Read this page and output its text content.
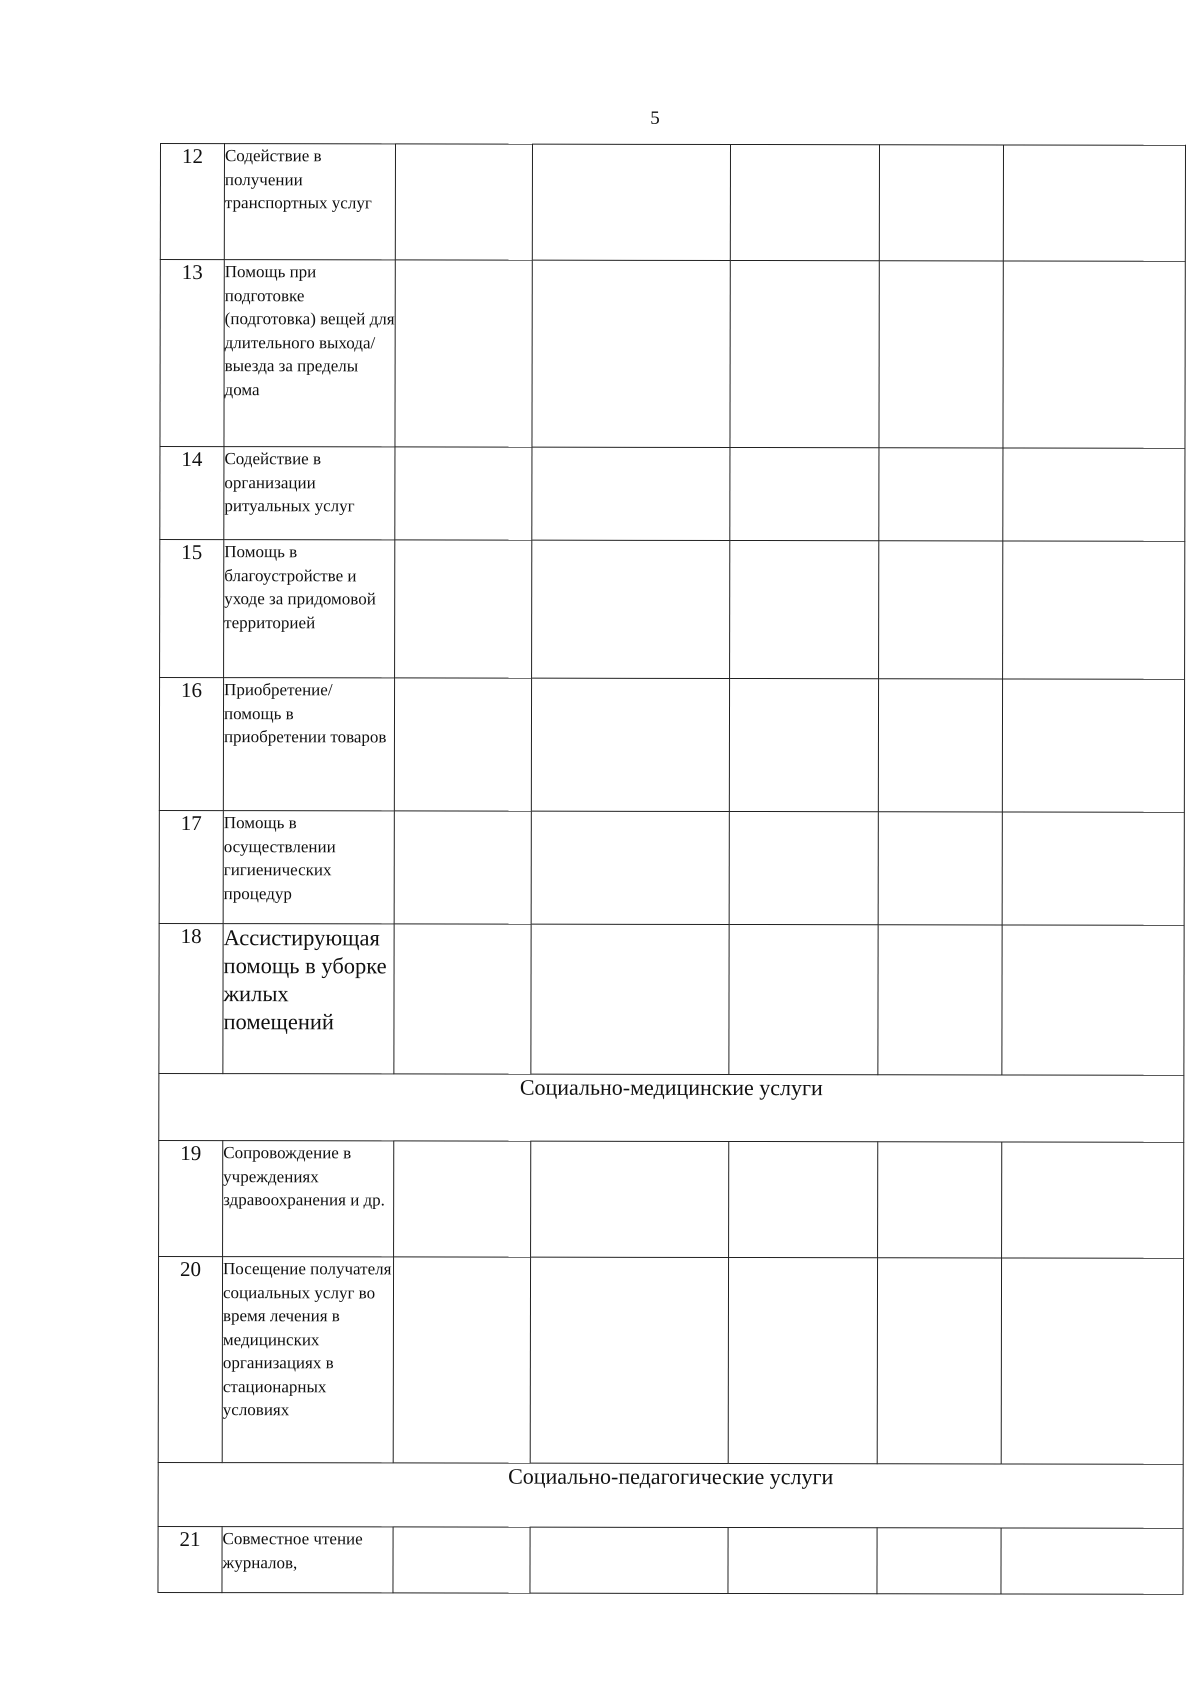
5
12	Содействие в получении транспортных услуг					
13	Помощь при подготовке (подготовка) вещей для длительного выхода/выезда за пределы дома					
14	Содействие в организации ритуальных услуг					
15	Помощь в благоустройстве и уходе за придомовой территорией					
16	Приобретение/ помощь в приобретении товаров					
17	Помощь в осуществлении гигиенических процедур					
18	Ассистирующая помощь в уборке жилых помещений					
Социально-медицинские услуги						
19	Сопровождение в учреждениях здравоохранения и др.					
20	Посещение получателя социальных услуг во время лечения в медицинских организациях в стационарных условиях					
Социально-педагогические услуги						
21	Совместное чтение журналов,					
